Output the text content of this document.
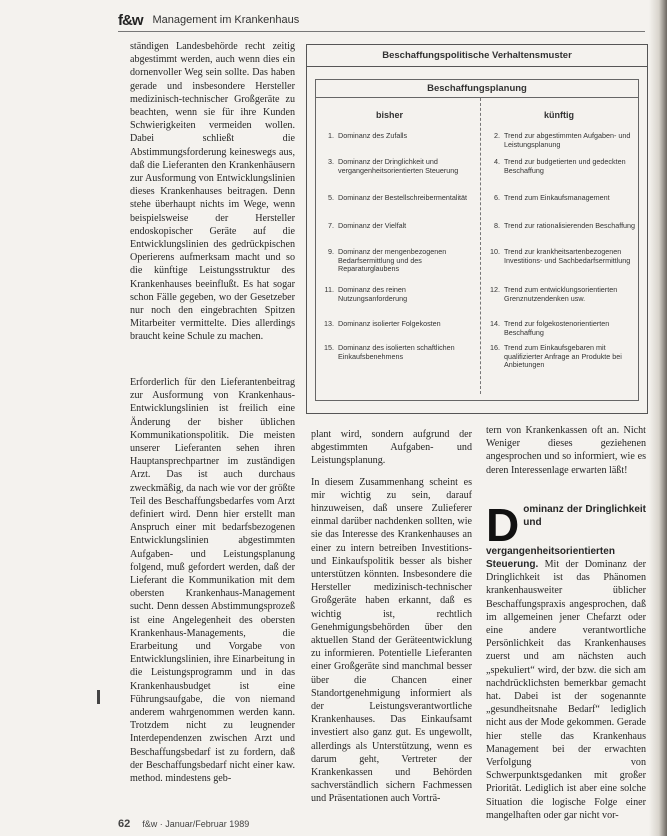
f&w Management im Krankenhaus

ständigen Landesbehörde recht zeitig abgestimmt werden, auch wenn dies ein dornenvoller Weg sein sollte. Das haben gerade und insbesondere Hersteller medizinisch-technischer Großgeräte zu beachten, wenn sie für ihre Kunden Schwierigkeiten vermeiden wollen. Dabei schließt die Abstimmungsforderung keineswegs aus, daß die Lieferanten den Krankenhäusern zur Ausformung von Entwicklungslinien dieses Krankenhauses beitragen. Denn stehe überhaupt nichts im Wege, wenn beispielsweise der Hersteller endoskopischer Geräte auf die Entwicklungslinien des gedrückpischen Operierens aufmerksam macht und so die künftige Leistungsstruktur des Krankenhauses beeinflußt. Es hat sogar schon Fälle gegeben, wo der Gesetzeber nur noch den eingebrachten Spitzen Mitarbeiter vermittelte. Dies allerdings braucht keine Schule zu machen.

Erforderlich für den Lieferantenbeitrag zur Ausformung von Krankenhaus-Entwicklungslinien ist freilich eine Änderung der bisher üblichen Kommunikationspolitik. Die meisten unserer Lieferanten sehen ihren Hauptansprechpartner im zuständigen Arzt. Das ist auch durchaus zweckmäßig, da nach wie vor der größte Teil des Beschaffungsbedarfes vom Arzt definiert wird. Denn hier erstellt man Anspruch einer mit bedarfsbezogenen Entwicklungslinien abgestimmten Aufgaben- und Leistungsplanung folgend, muß gefordert werden, daß der Lieferant die Kommunikation mit dem obersten Krankenhaus-Management sucht. Denn dessen Abstimmungsprozeß ist eine Angelegenheit des obersten Krankenhaus-Managements, die Erarbeitung und Vorgabe von Entwicklungslinien, ihre Einarbeitung in die Leistungsprogramm und in das Krankenhausbudget ist eine Führungsaufgabe, die von niemand anderem wahrgenommen werden kann. Trotzdem nicht zu leugnender Interdependenzen zwischen Arzt und Beschaffungsbedarf ist zu fordern, daß der Beschaffungsbedarf nicht einer kaw. method. mindestens geb-

Beschaffungspolitische Verhaltensmuster
Beschaffungsplanung
bisher	künftig
1. Dominanz des Zufalls
3. Dominanz der Dringlichkeit und vergangenheitsorientierten Steuerung
5. Dominanz der Bestellschreibermentalität
7. Dominanz der Vielfalt
9. Dominanz der mengenbezogenen Bedarfsermittlung und des Reparaturglaubens
11. Dominanz des reinen Nutzungsanforderung
13. Dominanz isolierter Folgekosten
15. Dominanz des isolierten schaftlichen Einkaufsbenehmens
2. Trend zur abgestimmten Aufgaben- und Leistungsplanung
4. Trend zur budgetierten und gedeckten Beschaffung
6. Trend zum Einkaufsmanagement
8. Trend zur rationalisierenden Beschaffung
10. Trend zur krankheitsartenbezogenen Investitions- und Sachbedarfsermittlung
12. Trend zum entwicklungsorientierten Grenznutzendenken usw.
14. Trend zur folgekostenorientierten Beschaffung
16. Trend zum Einkaufsgebaren mit qualifizierter Anfrage an Produkte bei Anbietungen

plant wird, sondern aufgrund der abgestimmten Aufgaben- und Leistungsplanung.

In diesem Zusammenhang scheint es mir wichtig zu sein, darauf hinzuweisen, daß unsere Zulieferer einmal darüber nachdenken sollten, wie sie das Interesse des Krankenhauses an einer zu intern betreiben Investitions- und Einkaufspolitik besser als bisher unterstützen könnten. Insbesondere die Hersteller medizinisch-technischer Großgeräte haben erkannt, daß es wichtig ist, rechtlich Genehmigungsbehörden über den aktuellen Stand der Geräteentwicklung zu informieren. Potentielle Lieferanten einer Großgeräte sind manchmal besser über die Chancen einer Standortgenehmigung informiert als der Leistungsverantwortliche Krankenhauses. Das Einkaufsamt investiert also ganz gut. Es ungewollt, allerdings als Unterstützung, wenn es darum geht, Vertreter der Krankenkassen und Behörden sachverständlich sichern Fachmessen und Präsentationen auch Vorträ-

tern von Krankenkassen oft an. Nicht Weniger dieses geziehenen angesprochen und so informiert, wie es deren Interessenlage erwarten läßt!

D ominanz der Dringlichkeit und vergangenheitsorientierten Steuerung. Mit der Dominanz der Dringlichkeit ist das Phänomen krankenhausweiter üblicher Beschaffungspraxis angesprochen, daß im allgemeinen jener Chefarzt oder eine andere verantwortliche Persönlichkeit das Krankenhauses zuerst und am nächsten auch „spekuliert“ wird, der bzw. die sich am nachdrücklichsten bemerkbar gemacht hat. Dabei ist der sogenannte „gesundheitsnahe Bedarf“ lediglich nicht aus der Mode gekommen. Gerade hier stelle das Krankenhaus Management bei der erwachten Verfolgung von Schwerpunktsgedanken mit großer Priorität. Lediglich ist aber eine solche Situation die logische Folge einer mangelhaften oder gar nicht vor-
62 f&w · Januar/Februar 1989
